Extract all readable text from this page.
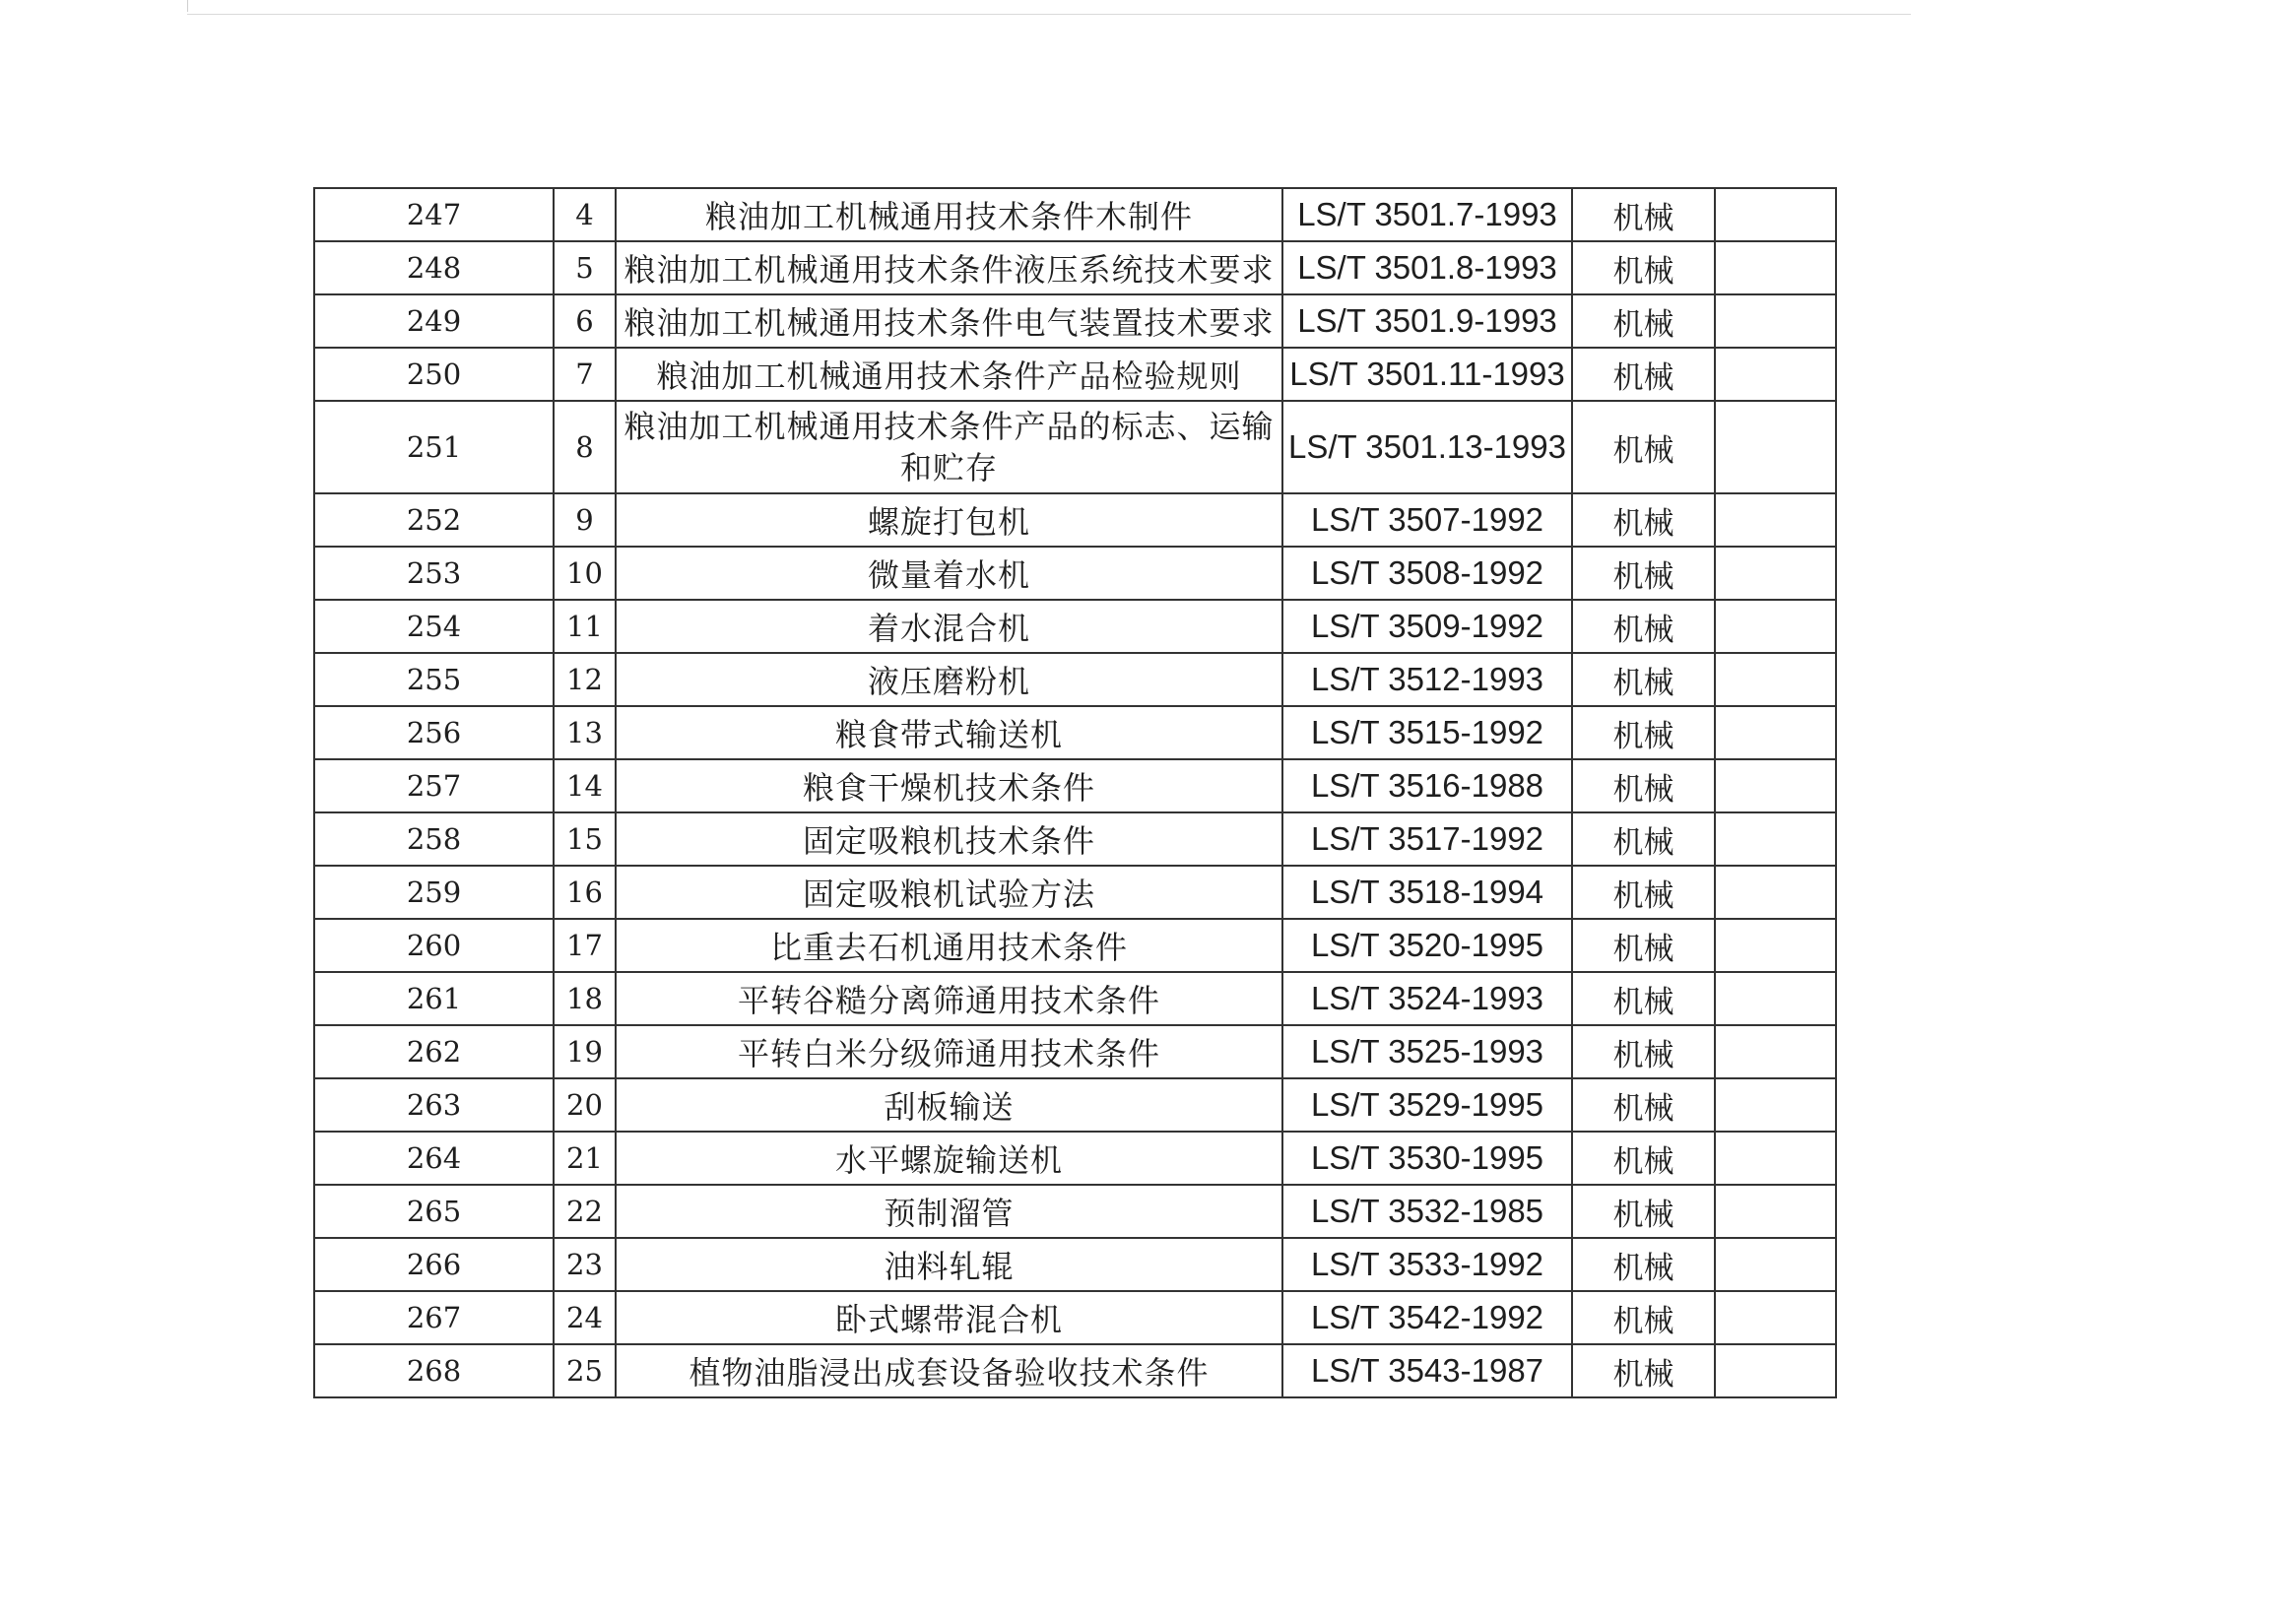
247	4	粮油加工机械通用技术条件木制件	LS/T 3501.7-1993	机械	
248	5	粮油加工机械通用技术条件液压系统技术要求	LS/T 3501.8-1993	机械	
249	6	粮油加工机械通用技术条件电气装置技术要求	LS/T 3501.9-1993	机械	
250	7	粮油加工机械通用技术条件产品检验规则	LS/T 3501.11-1993	机械	
251	8	粮油加工机械通用技术条件产品的标志、运输和贮存	LS/T 3501.13-1993	机械	
252	9	螺旋打包机	LS/T 3507-1992	机械	
253	10	微量着水机	LS/T 3508-1992	机械	
254	11	着水混合机	LS/T 3509-1992	机械	
255	12	液压磨粉机	LS/T 3512-1993	机械	
256	13	粮食带式输送机	LS/T 3515-1992	机械	
257	14	粮食干燥机技术条件	LS/T 3516-1988	机械	
258	15	固定吸粮机技术条件	LS/T 3517-1992	机械	
259	16	固定吸粮机试验方法	LS/T 3518-1994	机械	
260	17	比重去石机通用技术条件	LS/T 3520-1995	机械	
261	18	平转谷糙分离筛通用技术条件	LS/T 3524-1993	机械	
262	19	平转白米分级筛通用技术条件	LS/T 3525-1993	机械	
263	20	刮板输送	LS/T 3529-1995	机械	
264	21	水平螺旋输送机	LS/T 3530-1995	机械	
265	22	预制溜管	LS/T 3532-1985	机械	
266	23	油料轧辊	LS/T 3533-1992	机械	
267	24	卧式螺带混合机	LS/T 3542-1992	机械	
268	25	植物油脂浸出成套设备验收技术条件	LS/T 3543-1987	机械	
